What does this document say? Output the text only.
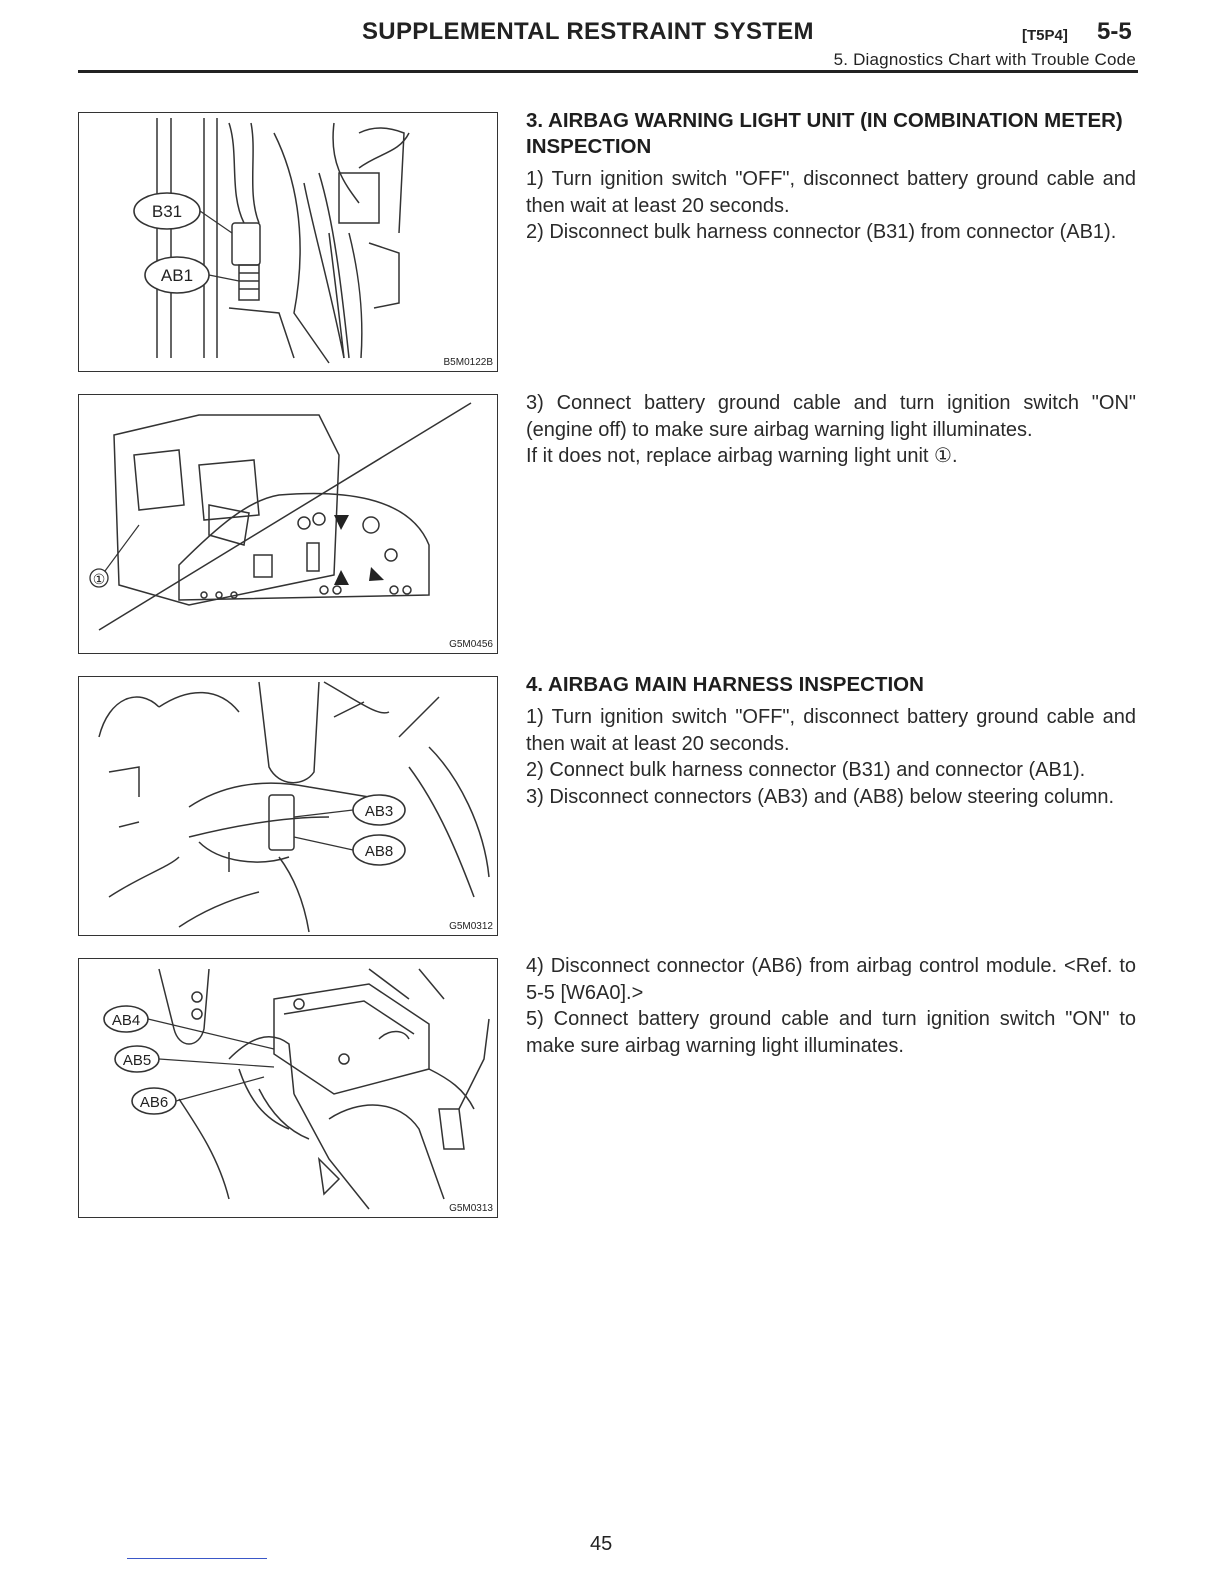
SUPPLEMENTAL RESTRAINT SYSTEM	[T5P4] 5-5
5. Diagnostics Chart with Trouble Code
B31
AB1
B5M0122B
①
G5M0456
AB3
AB8
G5M0312
AB4
AB5
AB6
G5M0313

3. AIRBAG WARNING LIGHT UNIT (IN COMBINATION METER) INSPECTION

1) Turn ignition switch "OFF", disconnect battery ground cable and then wait at least 20 seconds.

2) Disconnect bulk harness connector (B31) from connector (AB1).

3) Connect battery ground cable and turn ignition switch "ON" (engine off) to make sure airbag warning light illuminates.

If it does not, replace airbag warning light unit ①.

4. AIRBAG MAIN HARNESS INSPECTION

1) Turn ignition switch "OFF", disconnect battery ground cable and then wait at least 20 seconds.

2) Connect bulk harness connector (B31) and connector (AB1).

3) Disconnect connectors (AB3) and (AB8) below steering column.

4) Disconnect connector (AB6) from airbag control module. <Ref. to 5-5 [W6A0].>

5) Connect battery ground cable and turn ignition switch "ON" to make sure airbag warning light illuminates.

45
